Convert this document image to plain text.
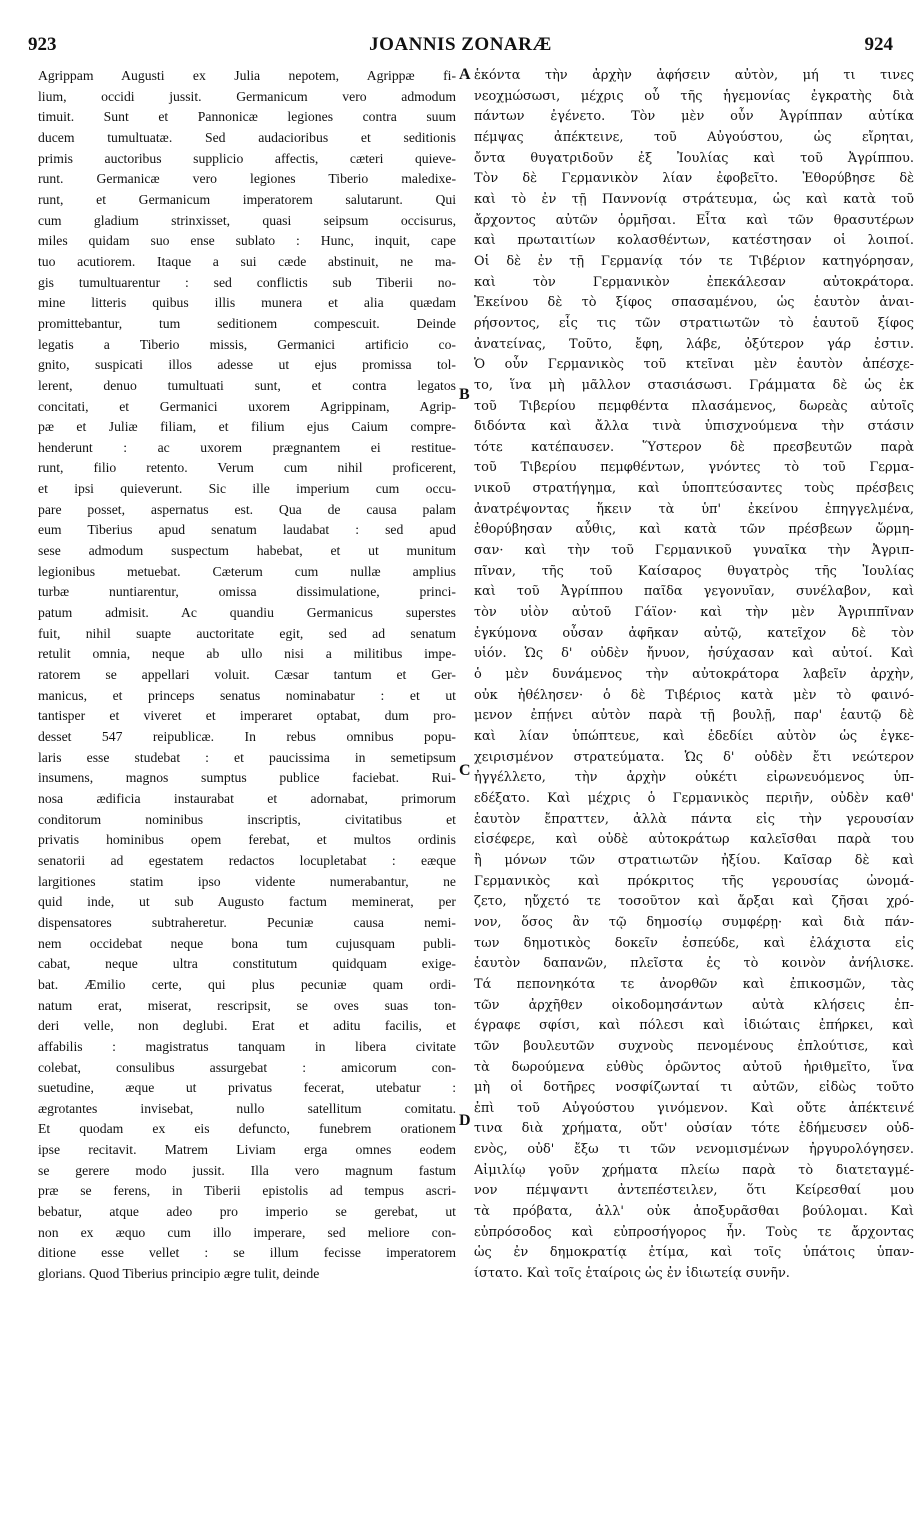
923	JOANNIS ZONARÆ	924
Agrippam Augusti ex Julia nepotem, Agrippæ fi-
lium, occidi jussit. Germanicum vero admodum
timuit. Sunt et Pannonicæ legiones contra suum
ducem tumultuatæ. Sed audacioribus et seditionis
primis auctoribus supplicio affectis, cæteri quieve-
runt. Germanicæ vero legiones Tiberio maledixe-
runt, et Germanicum imperatorem salutarunt. Qui
cum gladium strinxisset, quasi seipsum occisurus,
miles quidam suo ense sublato : Hunc, inquit, cape
tuo acutiorem. Itaque a sui cæde abstinuit, ne ma-
gis tumultuarentur : sed conflictis sub Tiberii no-
mine litteris quibus illis munera et alia quædam
promittebantur, tum seditionem compescuit. Deinde
legatis a Tiberio missis, Germanici artificio co-
gnito, suspicati illos adesse ut ejus promissa tol-
lerent, denuo tumultuati sunt, et contra legatos
concitati, et Germanici uxorem Agrippinam, Agrip-
pæ et Juliæ filiam, et filium ejus Caium compre-
henderunt : ac uxorem prægnantem ei restitue-
runt, filio retento. Verum cum nihil proficerent,
et ipsi quieverunt. Sic ille imperium cum occu-
pare posset, aspernatus est. Qua de causa palam
eum Tiberius apud senatum laudabat : sed apud
sese admodum suspectum habebat, et ut munitum
legionibus metuebat. Cæterum cum nullæ amplius
turbæ nuntiarentur, omissa dissimulatione, princi-
patum admisit. Ac quandiu Germanicus superstes
fuit, nihil suapte auctoritate egit, sed ad senatum
retulit omnia, neque ab ullo nisi a militibus impe-
ratorem se appellari voluit. Cæsar tantum et Ger-
manicus, et princeps senatus nominabatur : et ut
tantisper et viveret et imperaret optabat, dum pro-
desset 547 reipublicæ. In rebus omnibus popu-
laris esse studebat : et paucissima in semetipsum
insumens, magnos sumptus publice faciebat. Rui-
nosa ædificia instaurabat et adornabat, primorum
conditorum nominibus inscriptis, civitatibus et
privatis hominibus opem ferebat, et multos ordinis
senatorii ad egestatem redactos locupletabat : eæque
largitiones statim ipso vidente numerabantur, ne
quid inde, ut sub Augusto factum meminerat, per
dispensatores subtraheretur. Pecuniæ causa nemi-
nem occidebat neque bona tum cujusquam publi-
cabat, neque ultra constitutum quidquam exige-
bat. Æmilio certe, qui plus pecuniæ quam ordi-
natum erat, miserat, rescripsit, se oves suas ton-
deri velle, non deglubi. Erat et aditu facilis, et
affabilis : magistratus tanquam in libera civitate
colebat, consulibus assurgebat : amicorum con-
suetudine, æque ut privatus fecerat, utebatur :
ægrotantes invisebat, nullo satellitum comitatu.
Et quodam ex eis defuncto, funebrem orationem
ipse recitavit. Matrem Liviam erga omnes eodem
se gerere modo jussit. Illa vero magnum fastum
præ se ferens, in Tiberii epistolis ad tempus ascri-
bebatur, atque adeo pro imperio se gerebat, ut
non ex æquo cum illo imperare, sed meliore con-
ditione esse vellet : se illum fecisse imperatorem
glorians. Quod Tiberius principio ægre tulit, deinde
ἑκόντα τὴν ἀρχὴν ἀφήσειν αὐτὸν, μή τι τινες
νεοχμώσωσι, μέχρις οὗ τῆς ἡγεμονίας ἐγκρατὴς διὰ
πάντων ἐγένετο. Τὸν μὲν οὖν Ἀγρίππαν αὐτίκα
πέμψας ἀπέκτεινε, τοῦ Αὐγούστου, ὡς εἴρηται,
ὄντα θυγατριδοῦν ἐξ Ἰουλίας καὶ τοῦ Ἀγρίππου.
Τὸν δὲ Γερμανικὸν λίαν ἐφοβεῖτο. Ἐθορύβησε δὲ
καὶ τὸ ἐν τῇ Παννονίᾳ στράτευμα, ὡς καὶ κατὰ τοῦ
ἄρχοντος αὐτῶν ὁρμῆσαι. Εἶτα καὶ τῶν θρασυτέρων
καὶ πρωταιτίων κολασθέντων, κατέστησαν οἱ λοιποί.
Οἱ δὲ ἐν τῇ Γερμανίᾳ τόν τε Τιβέριον κατηγόρησαν,
καὶ τὸν Γερμανικὸν ἐπεκάλεσαν αὐτοκράτορα.
Ἐκείνου δὲ τὸ ξίφος σπασαμένου, ὡς ἑαυτὸν ἀναι-
ρήσοντος, εἷς τις τῶν στρατιωτῶν τὸ ἑαυτοῦ ξίφος
ἀνατείνας, Τοῦτο, ἔφη, λάβε, ὀξύτερον γάρ ἐστιν.
Ὁ οὖν Γερμανικὸς τοῦ κτεῖναι μὲν ἑαυτὸν ἀπέσχε-
το, ἵνα μὴ μᾶλλον στασιάσωσι. Γράμματα δὲ ὡς ἐκ
τοῦ Τιβερίου πεμφθέντα πλασάμενος, δωρεὰς αὐτοῖς
διδόντα καὶ ἄλλα τινὰ ὑπισχνούμενα τὴν στάσιν
τότε κατέπαυσεν. Ὕστερον δὲ πρεσβευτῶν παρὰ
τοῦ Τιβερίου πεμφθέντων, γνόντες τὸ τοῦ Γερμα-
νικοῦ στρατήγημα, καὶ ὑποπτεύσαντες τοὺς πρέσβεις
ἀνατρέψοντας ἥκειν τὰ ὑπ' ἐκείνου ἐπηγγελμένα,
ἐθορύβησαν αὖθις, καὶ κατὰ τῶν πρέσβεων ὥρμη-
σαν· καὶ τὴν τοῦ Γερμανικοῦ γυναῖκα τὴν Ἀγριπ-
πῖναν, τῆς τοῦ Καίσαρος θυγατρὸς τῆς Ἰουλίας
καὶ τοῦ Ἀγρίππου παῖδα γεγονυῖαν, συνέλαβον, καὶ
τὸν υἱὸν αὐτοῦ Γάϊον· καὶ τὴν μὲν Ἀγριππῖναν
ἐγκύμονα οὖσαν ἀφῆκαν αὐτῷ, κατεῖχον δὲ τὸν
υἱόν. Ὡς δ' οὐδὲν ἤνυον, ἡσύχασαν καὶ αὐτοί. Καὶ
ὁ μὲν δυνάμενος τὴν αὐτοκράτορα λαβεῖν ἀρχὴν,
οὐκ ἠθέλησεν· ὁ δὲ Τιβέριος κατὰ μὲν τὸ φαινό-
μενον ἐπῄνει αὐτὸν παρὰ τῇ βουλῇ, παρ' ἑαυτῷ δὲ
καὶ λίαν ὑπώπτευε, καὶ ἐδεδίει αὐτὸν ὡς ἐγκε-
χειρισμένον στρατεύματα. Ὡς δ' οὐδὲν ἔτι νεώτερον
ἠγγέλλετο, τὴν ἀρχὴν οὐκέτι εἰρωνευόμενος ὑπ-
εδέξατο. Καὶ μέχρις ὁ Γερμανικὸς περιῆν, οὐδὲν καθ'
ἑαυτὸν ἔπραττεν, ἀλλὰ πάντα εἰς τὴν γερουσίαν
εἰσέφερε, καὶ οὐδὲ αὐτοκράτωρ καλεῖσθαι παρὰ του
ἢ μόνων τῶν στρατιωτῶν ἠξίου. Καῖσαρ δὲ καὶ
Γερμανικὸς καὶ πρόκριτος τῆς γερουσίας ὠνομά-
ζετο, ηὔχετό τε τοσοῦτον καὶ ἄρξαι καὶ ζῆσαι χρό-
νον, ὅσος ἂν τῷ δημοσίῳ συμφέρῃ· καὶ διὰ πάν-
των δημοτικὸς δοκεῖν ἐσπεύδε, καὶ ἐλάχιστα εἰς
ἑαυτὸν δαπανῶν, πλεῖστα ἐς τὸ κοινὸν ἀνήλισκε.
Τά πεπονηκότα τε ἀνορθῶν καὶ ἐπικοσμῶν, τὰς
τῶν ἀρχῆθεν οἰκοδομησάντων αὐτὰ κλήσεις ἐπ-
έγραφε σφίσι, καὶ πόλεσι καὶ ἰδιώταις ἐπήρκει, καὶ
τῶν βουλευτῶν συχνοὺς πενομένους ἐπλούτισε, καὶ
τὰ δωρούμενα εὐθὺς ὁρῶντος αὐτοῦ ἠριθμεῖτο, ἵνα
μὴ οἱ δοτῆρες νοσφίζωνταί τι αὐτῶν, εἰδὼς τοῦτο
ἐπὶ τοῦ Αὐγούστου γινόμενον. Καὶ οὔτε ἀπέκτεινέ
τινα διὰ χρήματα, οὔτ' οὐσίαν τότε ἐδήμευσεν οὐδ-
ενὸς, οὐδ' ἔξω τι τῶν νενομισμένων ἠργυρολόγησεν.
Αἰμιλίῳ γοῦν χρήματα πλείω παρὰ τὸ διατεταγμέ-
νον πέμψαντι ἀντεπέστειλεν, ὅτι Κείρεσθαί μου
τὰ πρόβατα, ἀλλ' οὐκ ἀποξυρᾶσθαι βούλομαι. Καὶ
εὐπρόσοδος καὶ εὐπροσήγορος ἦν. Τοὺς τε ἄρχοντας
ὡς ἐν δημοκρατίᾳ ἐτίμα, καὶ τοῖς ὑπάτοις ὑπαν-
ίστατο. Καὶ τοῖς ἑταίροις ὡς ἐν ἰδιωτείᾳ συνῆν.
A
B
C
D
